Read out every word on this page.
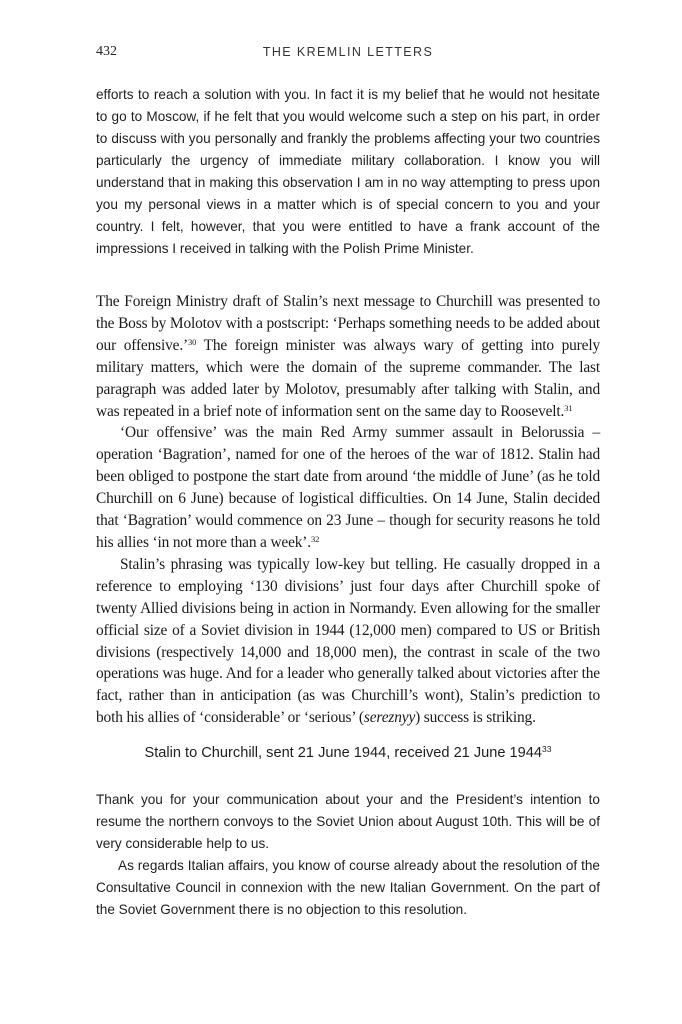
432	THE KREMLIN LETTERS

efforts to reach a solution with you. In fact it is my belief that he would not hesitate to go to Moscow, if he felt that you would welcome such a step on his part, in order to discuss with you personally and frankly the problems affecting your two countries particularly the urgency of immediate military collaboration. I know you will understand that in making this observation I am in no way attempting to press upon you my personal views in a matter which is of special concern to you and your country. I felt, however, that you were entitled to have a frank account of the impressions I received in talking with the Polish Prime Minister.

The Foreign Ministry draft of Stalin’s next message to Churchill was presented to the Boss by Molotov with a postscript: ‘Perhaps something needs to be added about our offensive.’$^{30}$ The foreign minister was always wary of getting into purely military matters, which were the domain of the supreme commander. The last paragraph was added later by Molotov, presumably after talking with Stalin, and was repeated in a brief note of information sent on the same day to Roosevelt.$^{31}$

‘Our offensive’ was the main Red Army summer assault in Belorussia – operation ‘Bagration’, named for one of the heroes of the war of 1812. Stalin had been obliged to postpone the start date from around ‘the middle of June’ (as he told Churchill on 6 June) because of logistical difficulties. On 14 June, Stalin decided that ‘Bagration’ would commence on 23 June – though for security reasons he told his allies ‘in not more than a week’.$^{32}$

Stalin’s phrasing was typically low-key but telling. He casually dropped in a reference to employing ‘130 divisions’ just four days after Churchill spoke of twenty Allied divisions being in action in Normandy. Even allowing for the smaller official size of a Soviet division in 1944 (12,000 men) compared to US or British divisions (respectively 14,000 and 18,000 men), the contrast in scale of the two operations was huge. And for a leader who generally talked about victories after the fact, rather than in anticipation (as was Churchill’s wont), Stalin’s prediction to both his allies of ‘considerable’ or ‘serious’ (sereznyy) success is striking.

Stalin to Churchill, sent 21 June 1944, received 21 June 1944$^{33}$

Thank you for your communication about your and the President’s intention to resume the northern convoys to the Soviet Union about August 10th. This will be of very considerable help to us.

As regards Italian affairs, you know of course already about the resolution of the Consultative Council in connexion with the new Italian Government. On the part of the Soviet Government there is no objection to this resolution.
